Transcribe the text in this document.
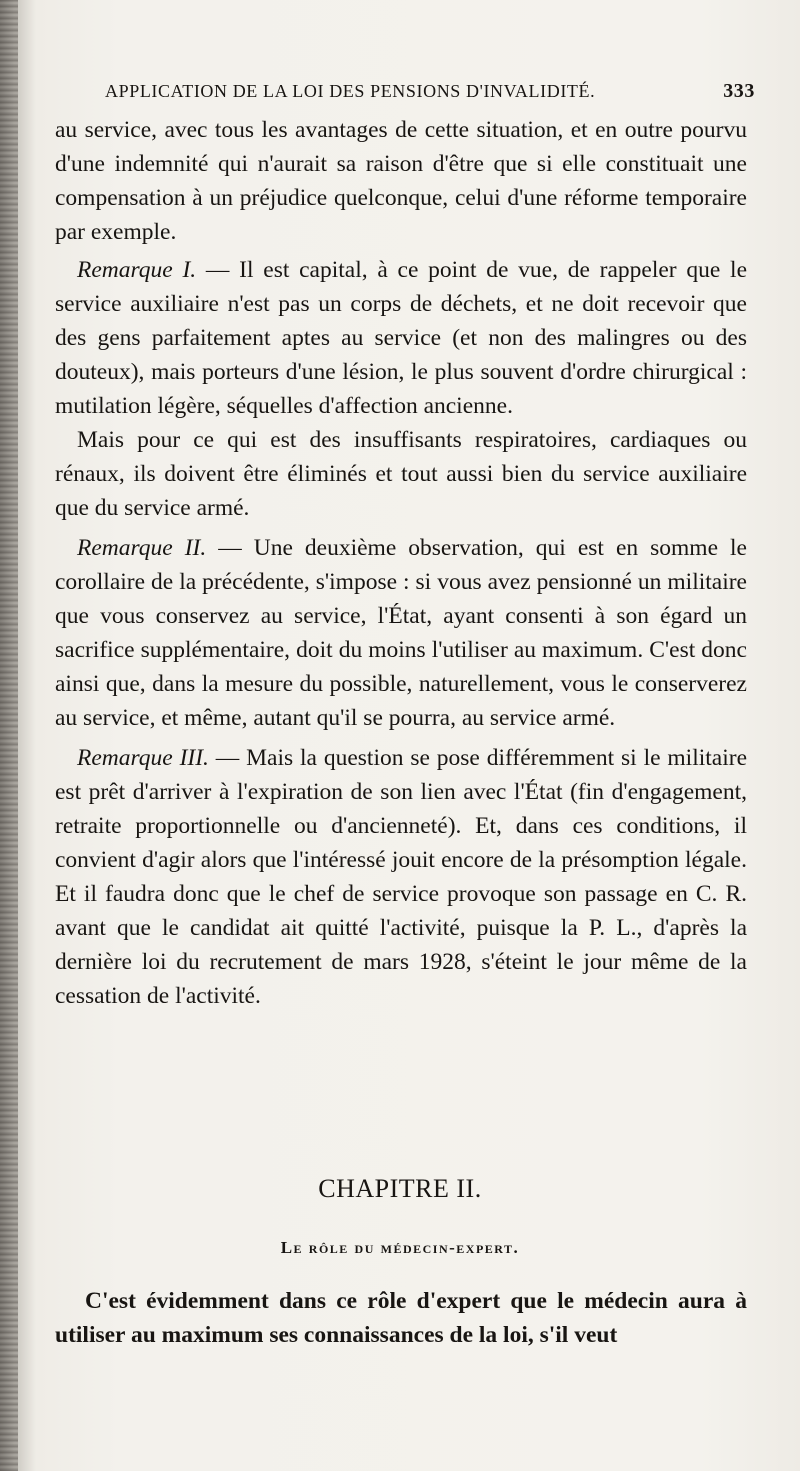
APPLICATION DE LA LOI DES PENSIONS D'INVALIDITÉ.	333

au service, avec tous les avantages de cette situation, et en outre pourvu d'une indemnité qui n'aurait sa raison d'être que si elle constituait une compensation à un préjudice quelconque, celui d'une réforme temporaire par exemple.

Remarque I. — Il est capital, à ce point de vue, de rappeler que le service auxiliaire n'est pas un corps de déchets, et ne doit recevoir que des gens parfaitement aptes au service (et non des malingres ou des douteux), mais porteurs d'une lésion, le plus souvent d'ordre chirurgical : mutilation légère, séquelles d'affection ancienne.

Mais pour ce qui est des insuffisants respiratoires, cardiaques ou rénaux, ils doivent être éliminés et tout aussi bien du service auxiliaire que du service armé.

Remarque II. — Une deuxième observation, qui est en somme le corollaire de la précédente, s'impose : si vous avez pensionné un militaire que vous conservez au service, l'État, ayant consenti à son égard un sacrifice supplémentaire, doit du moins l'utiliser au maximum. C'est donc ainsi que, dans la mesure du possible, naturellement, vous le conserverez au service, et même, autant qu'il se pourra, au service armé.

Remarque III. — Mais la question se pose différemment si le militaire est prêt d'arriver à l'expiration de son lien avec l'État (fin d'engagement, retraite proportionnelle ou d'ancienneté). Et, dans ces conditions, il convient d'agir alors que l'intéressé jouit encore de la présomption légale. Et il faudra donc que le chef de service provoque son passage en C. R. avant que le candidat ait quitté l'activité, puisque la P. L., d'après la dernière loi du recrutement de mars 1928, s'éteint le jour même de la cessation de l'activité.

CHAPITRE II.
Le rôle du médecin-expert.

C'est évidemment dans ce rôle d'expert que le médecin aura à utiliser au maximum ses connaissances de la loi, s'il veut
